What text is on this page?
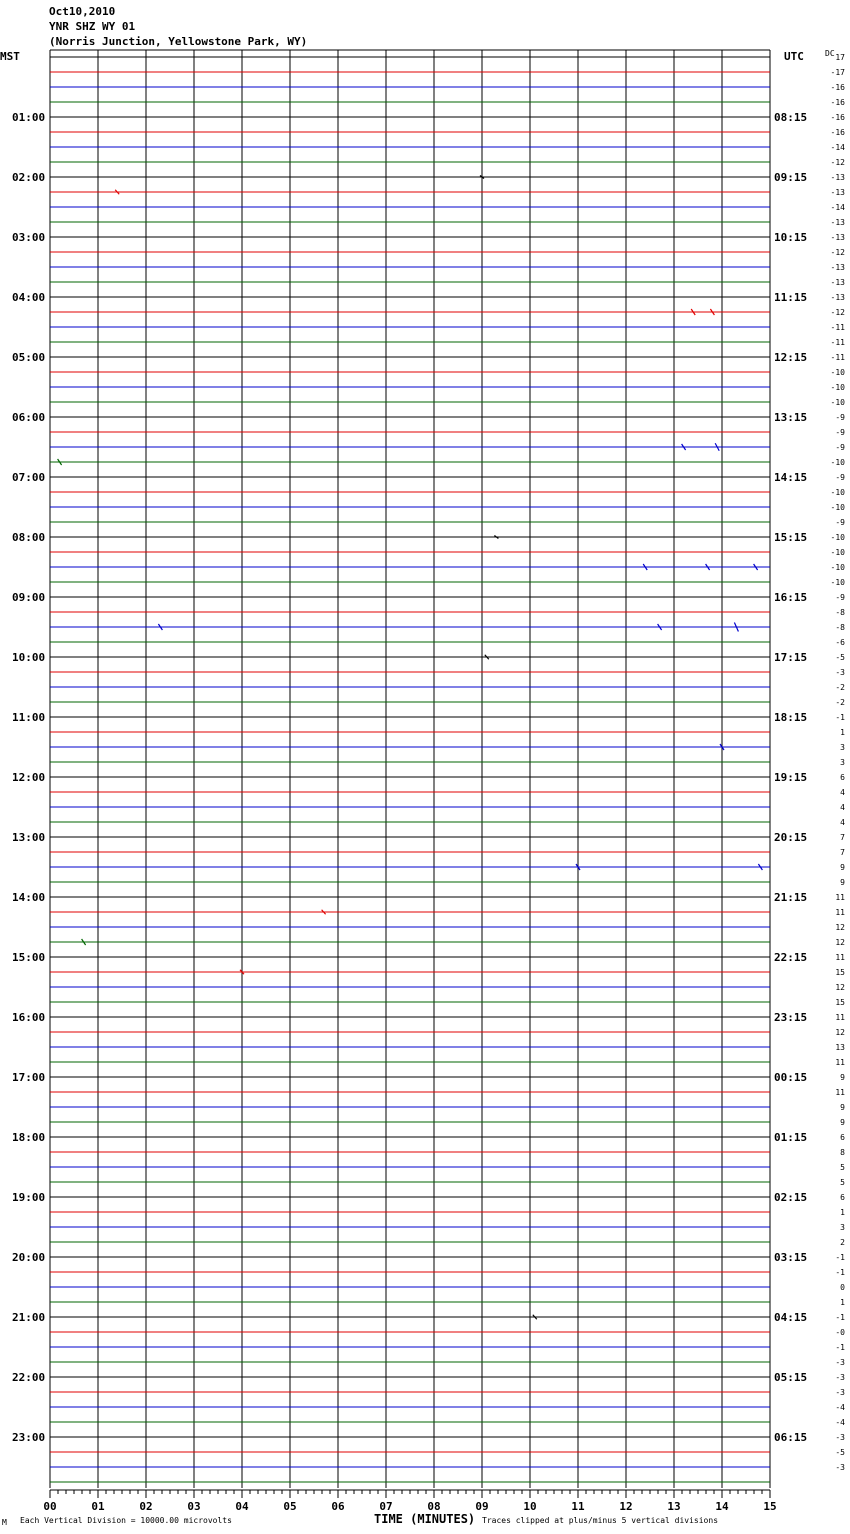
Oct10,2010
YNR SHZ WY 01
(Norris Junction, Yellowstone Park, WY)
MST	UTC	DC
01:00
02:00
03:00
04:00
05:00
06:00
07:00
08:00
09:00
10:00
11:00
12:00
13:00
14:00
15:00
16:00
17:00
18:00
19:00
20:00
21:00
22:00
23:00
08:15
09:15
10:15
11:15
12:15
13:15
14:15
15:15
16:15
17:15
18:15
19:15
20:15
21:15
22:15
23:15
00:15
01:15
02:15
03:15
04:15
05:15
06:15
17
-17
-16
-16
-16
-16
-14
-12
-13
-13
-14
-13
-13
-12
-13
-13
-13
-12
-11
-11
-11
-10
-10
-10
-9
-9
-9
-10
-9
-10
-10
-9
-10
-10
-10
-10
-9
-8
-8
-6
-5
-3
-2
-2
-1
1
3
3
6
4
4
4
7
7
9
9
11
11
12
12
11
15
12
15
11
12
13
11
9
11
9
9
6
8
5
5
6
1
3
2
-1
-1
0
1
-1
-0
-1
-3
-3
-3
-4
-4
-3
-5
-3
00	01	02	03	04	05	06	07	08	09	10	11	12	13	14	15
M Each Vertical Division = 10000.00 microvolts	TIME (MINUTES) Traces clipped at plus/minus 5 vertical divisions
